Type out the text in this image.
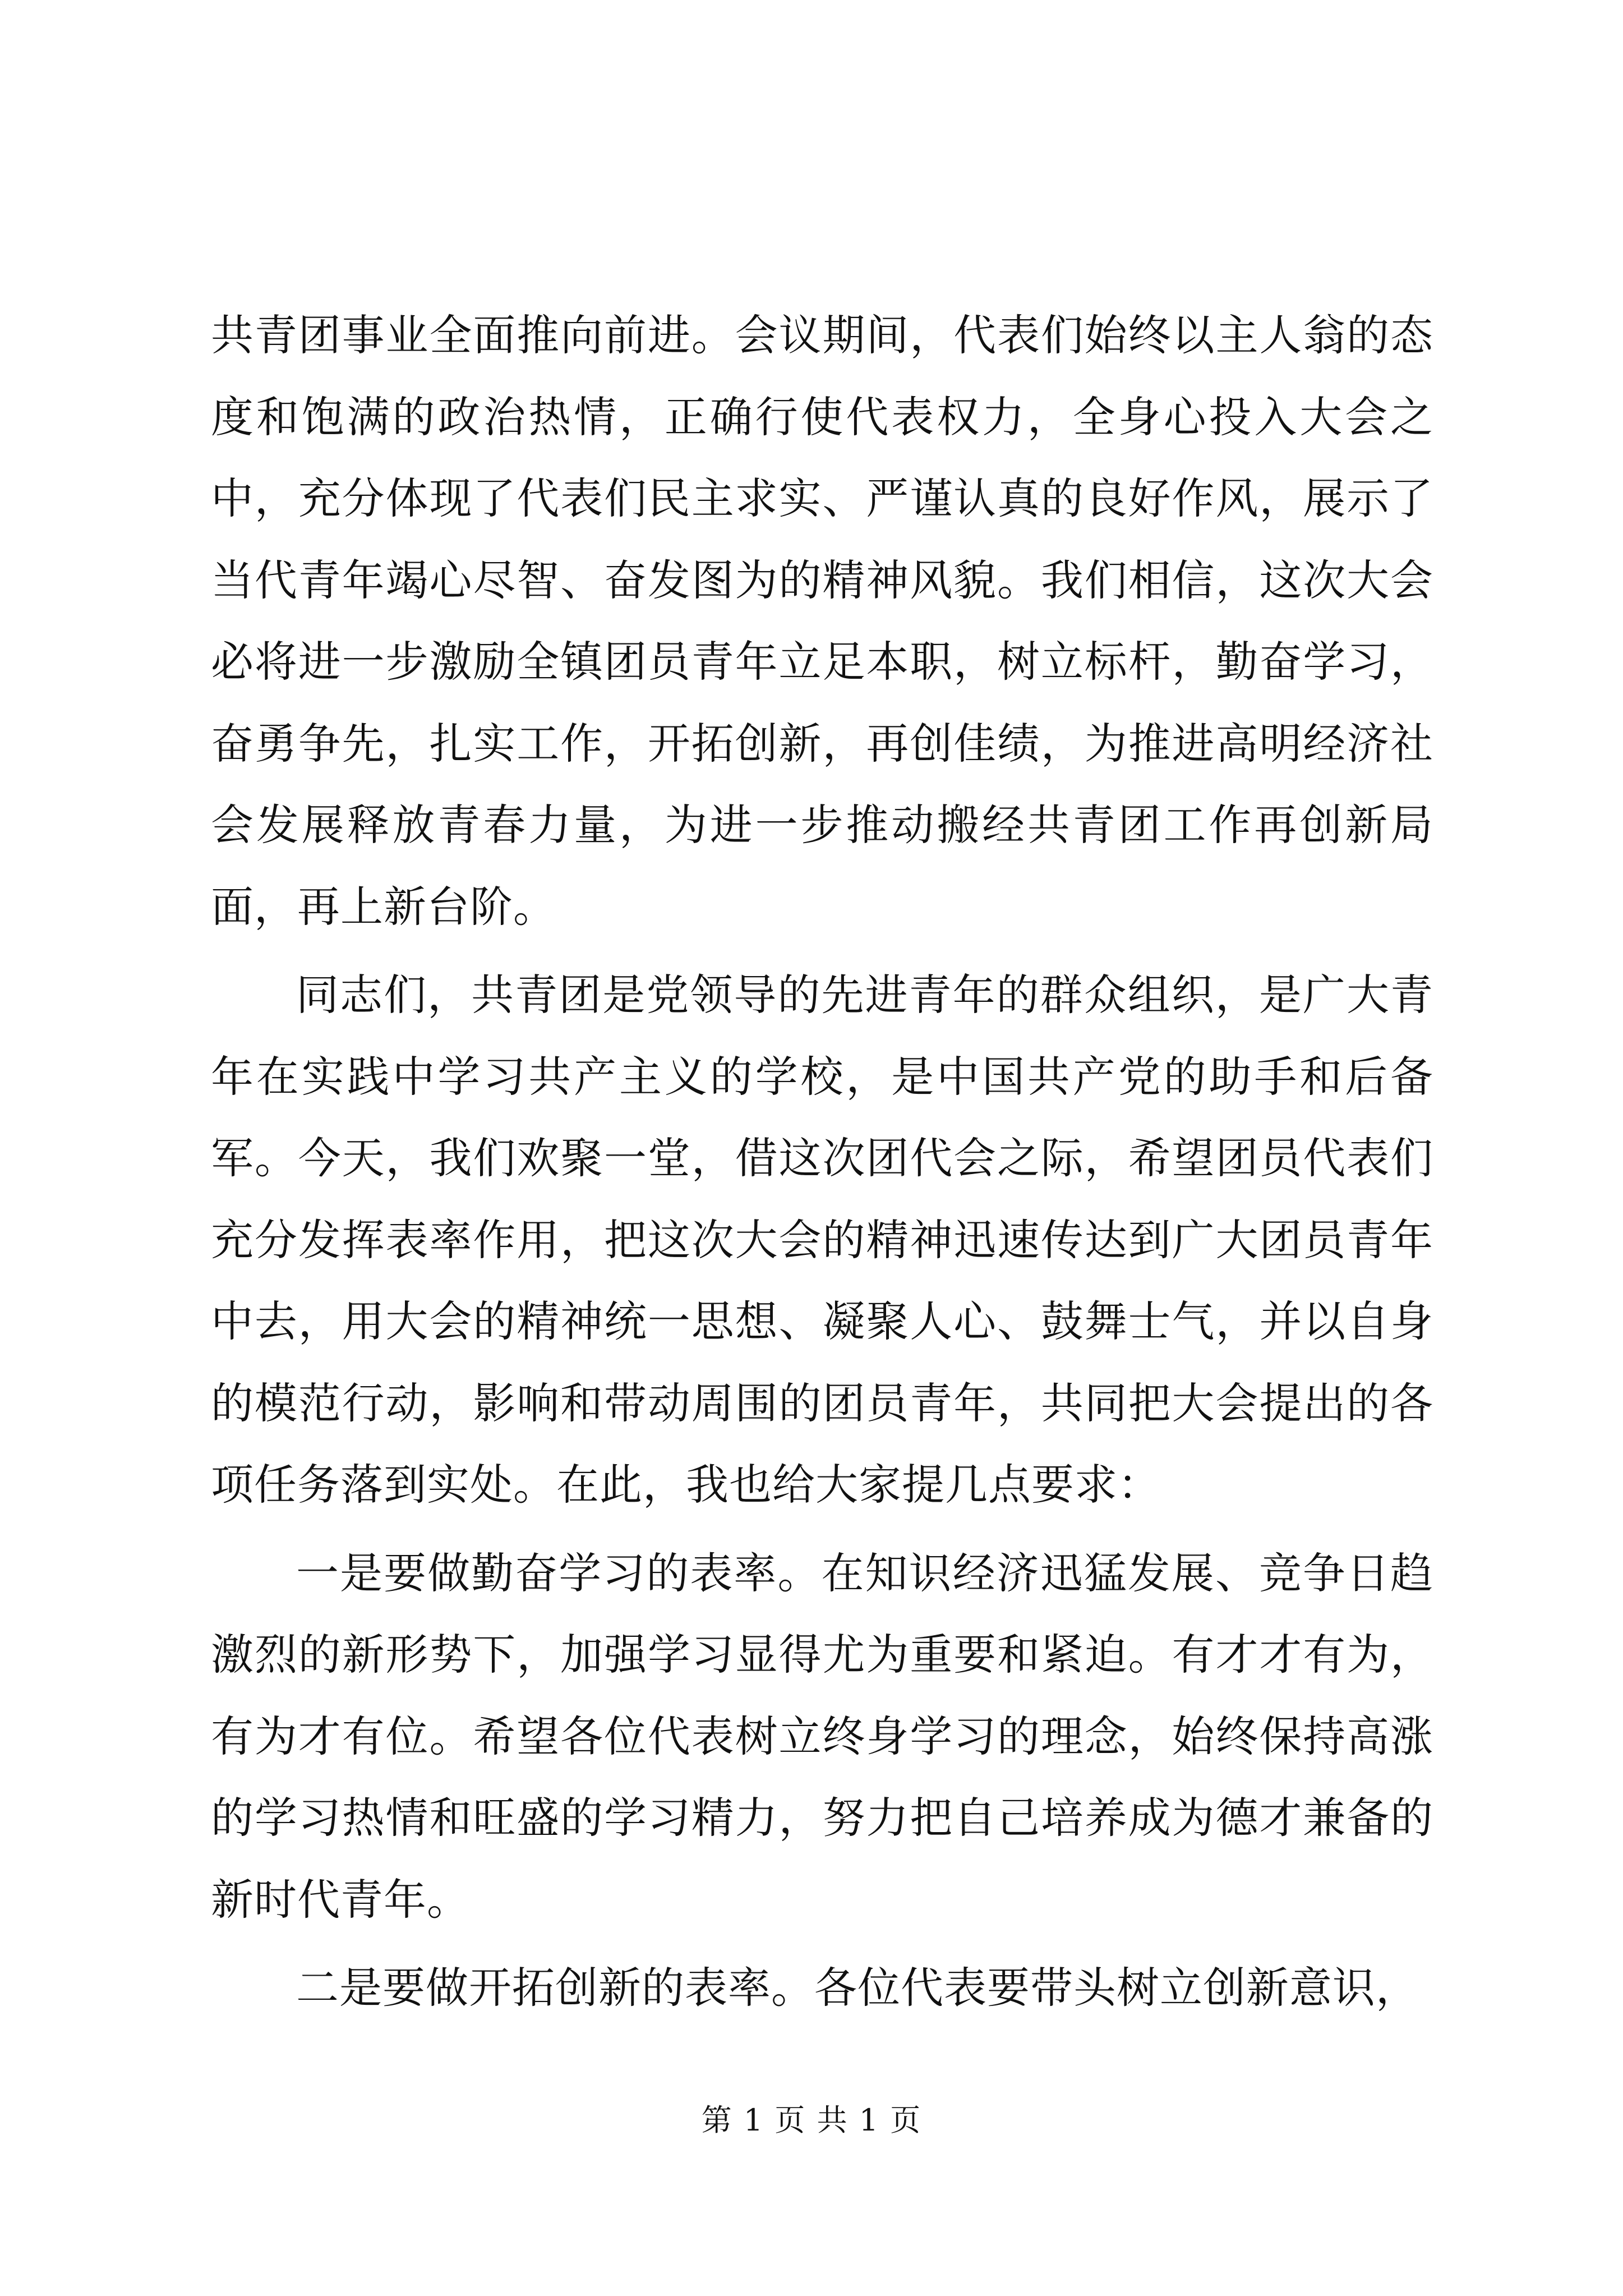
共青团事业全面推向前进。会议期间，代表们始终以主人翁的态度和饱满的政治热情，正确行使代表权力，全身心投入大会之中，充分体现了代表们民主求实、严谨认真的良好作风，展示了当代青年竭心尽智、奋发图为的精神风貌。我们相信，这次大会必将进一步激励全镇团员青年立足本职，树立标杆，勤奋学习，奋勇争先，扎实工作，开拓创新，再创佳绩，为推进高明经济社会发展释放青春力量，为进一步推动搬经共青团工作再创新局面，再上新台阶。

同志们，共青团是党领导的先进青年的群众组织，是广大青年在实践中学习共产主义的学校，是中国共产党的助手和后备军。今天，我们欢聚一堂，借这次团代会之际，希望团员代表们充分发挥表率作用，把这次大会的精神迅速传达到广大团员青年中去，用大会的精神统一思想、凝聚人心、鼓舞士气，并以自身的模范行动，影响和带动周围的团员青年，共同把大会提出的各项任务落到实处。在此，我也给大家提几点要求：

一是要做勤奋学习的表率。在知识经济迅猛发展、竞争日趋激烈的新形势下，加强学习显得尤为重要和紧迫。有才才有为，有为才有位。希望各位代表树立终身学习的理念，始终保持高涨的学习热情和旺盛的学习精力，努力把自己培养成为德才兼备的新时代青年。

二是要做开拓创新的表率。各位代表要带头树立创新意识，

第 1 页 共 1 页
